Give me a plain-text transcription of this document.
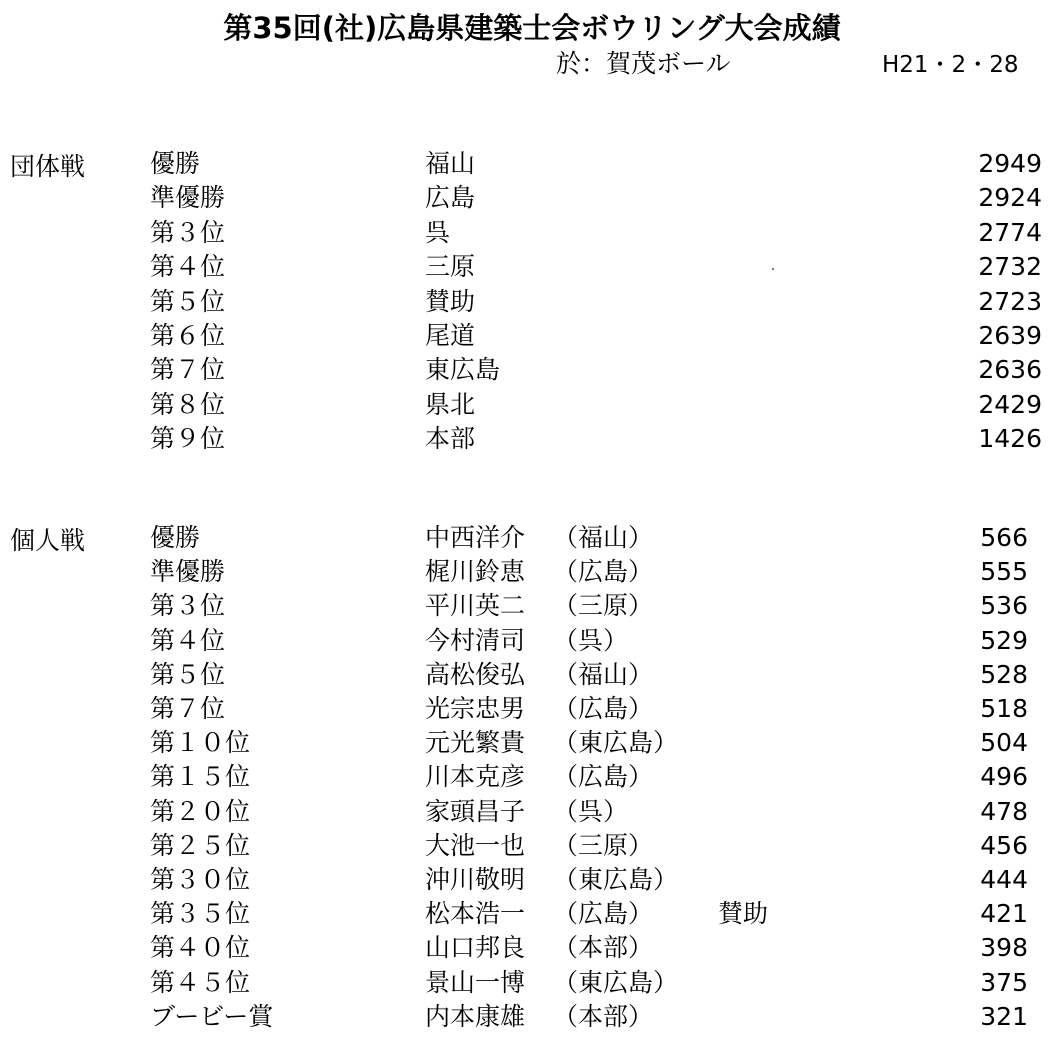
第35回(社)広島県建築士会ボウリング大会成績
於：賀茂ボール	H21・2・28
団体戦	優勝	福山	2949
準優勝	広島	2924
第３位	呉	2774
第４位	三原	2732
第５位	賛助	2723
第６位	尾道	2639
第７位	東広島	2636
第８位	県北	2429
第９位	本部	1426
個人戦	優勝	中西洋介 （福山）	566
準優勝	梶川鈴恵 （広島）	555
第３位	平川英二 （三原）	536
第４位	今村清司 （呉）	529
第５位	高松俊弘 （福山）	528
第７位	光宗忠男 （広島）	518
第１０位	元光繁貴 （東広島）	504
第１５位	川本克彦 （広島）	496
第２０位	家頭昌子 （呉）	478
第２５位	大池一也 （三原）	456
第３０位	沖川敬明 （東広島）	444
第３５位	松本浩一 （広島）	賛助	421
第４０位	山口邦良 （本部）	398
第４５位	景山一博 （東広島）	375
ブービー賞	内本康雄 （本部）	321
